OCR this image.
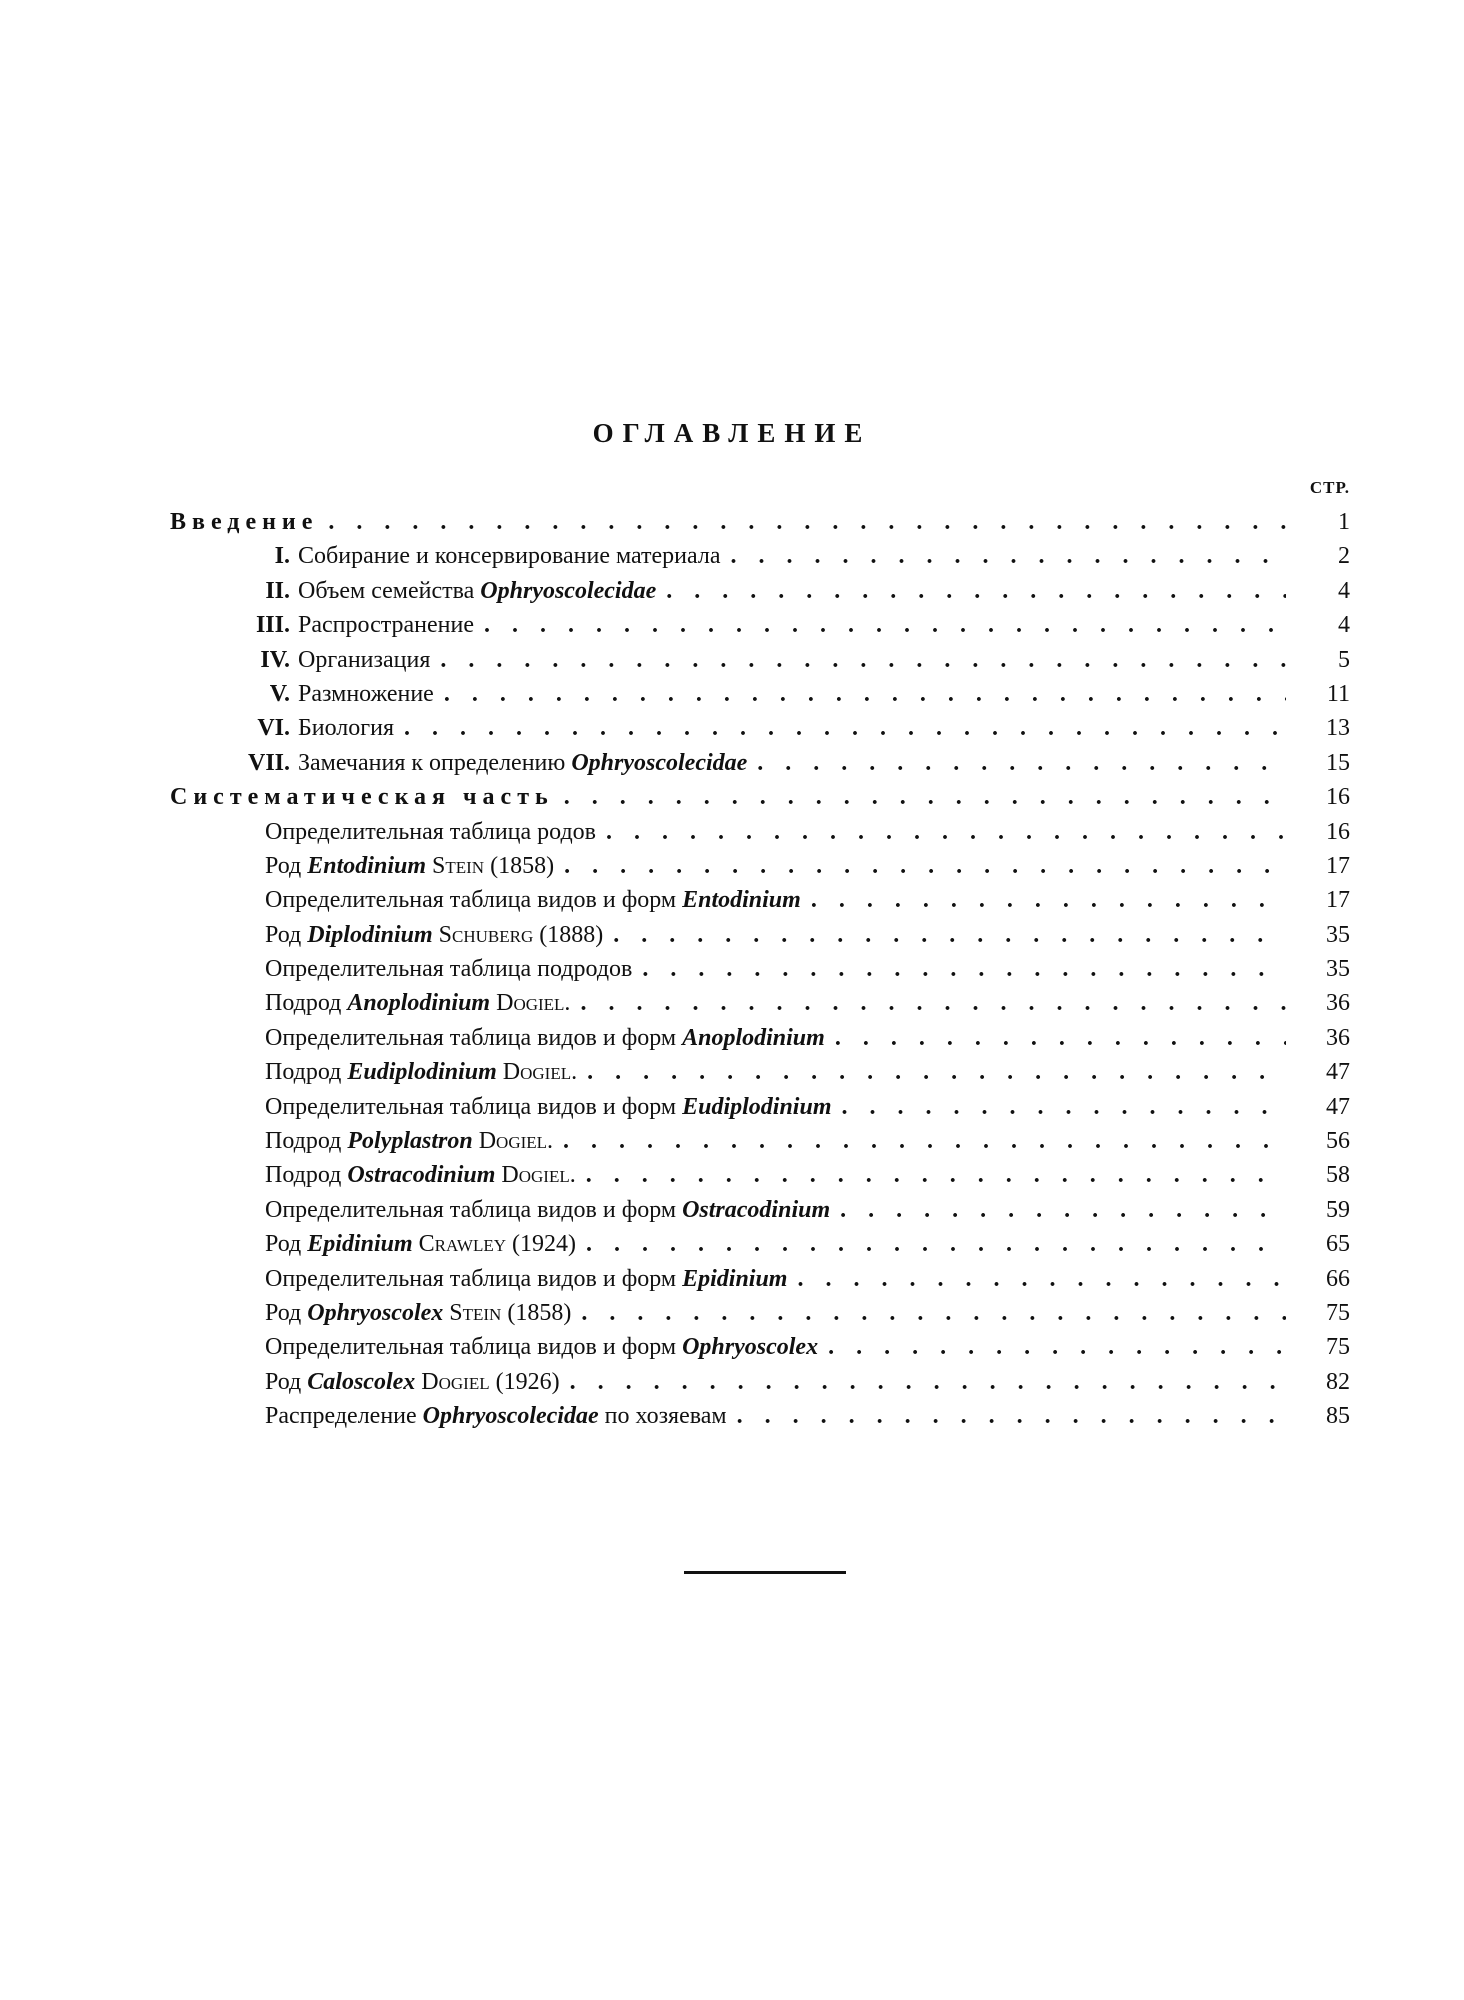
ОГЛАВЛЕНИЕ
СТР.
Введение . . .	1
I. Собирание и консервирование материала . . .	2
II. Объем семейства Ophryoscolecidae . . .	4
III. Распространение . . .	4
IV. Организация . . .	5
V. Размножение . . .	11
VI. Биология . . .	13
VII. Замечания к определению Ophryoscolecidae . . .	15
Систематическая часть . . .	16
Определительная таблица родов . . .	16
Род Entodinium Stein (1858) . . .	17
Определительная таблица видов и форм Entodinium . . .	17
Род Diplodinium Schuberg (1888) . . .	35
Определительная таблица подродов . . .	35
Подрод Anoplodinium Dogiel. . . .	36
Определительная таблица видов и форм Anoplodinium . . .	36
Подрод Eudiplodinium Dogiel. . . .	47
Определительная таблица видов и форм Eudiplodinium . . .	47
Подрод Polyplastron Dogiel. . . .	56
Подрод Ostracodinium Dogiel. . . .	58
Определительная таблица видов и форм Ostracodinium . . .	59
Род Epidinium Crawley (1924) . . .	65
Определительная таблица видов и форм Epidinium . . .	66
Род Ophryoscolex Stein (1858) . . .	75
Определительная таблица видов и форм Ophryoscolex . . .	75
Род Caloscolex Dogiel (1926) . . .	82
Распределение Ophryoscolecidae по хозяевам . . .	85
